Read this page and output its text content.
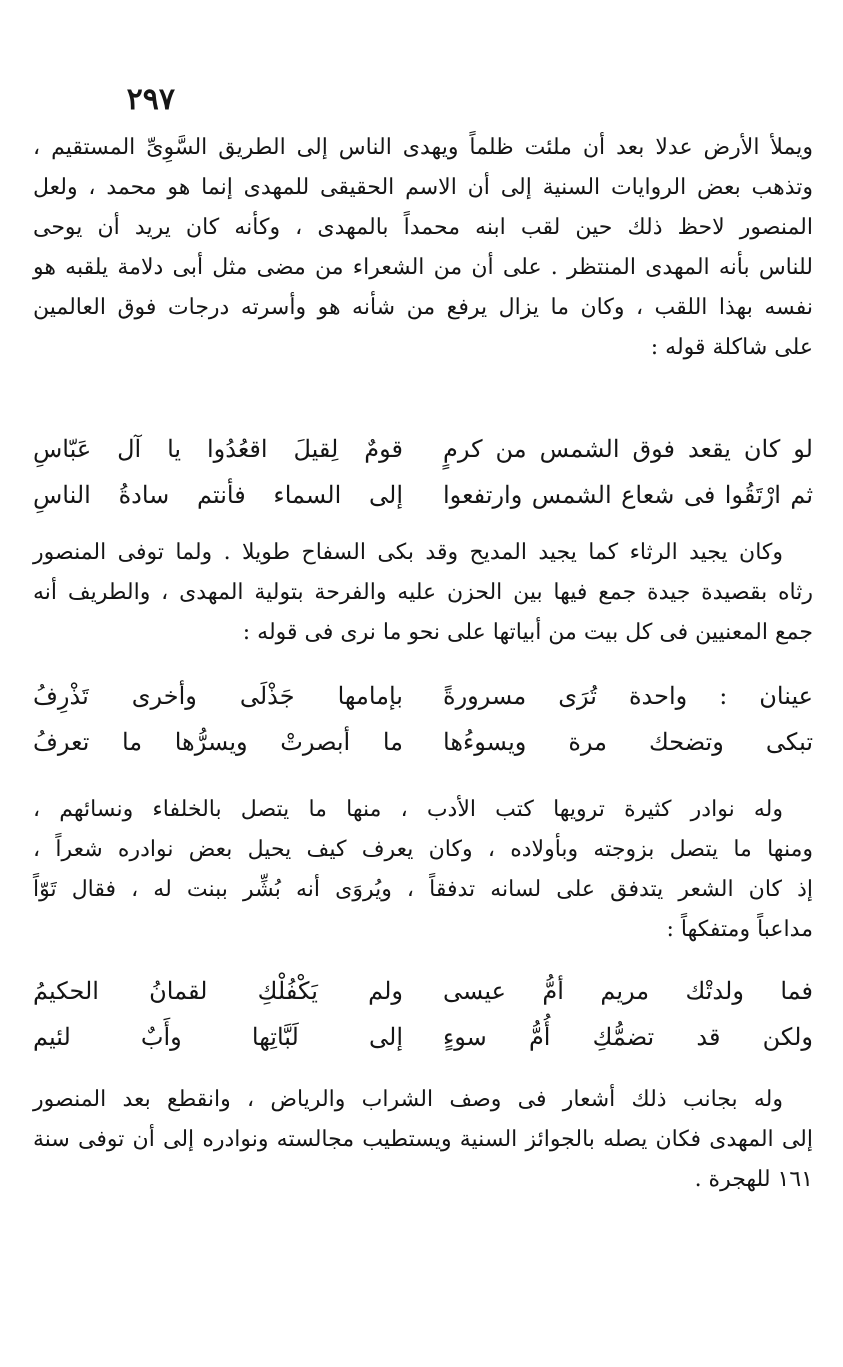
٢٩٧
ويملأ الأرض عدلا بعد أن ملئت ظلماً ويهدى الناس إلى الطريق السَّوِىِّ المستقيم ،
وتذهب بعض الروايات السنية إلى أن الاسم الحقيقى للمهدى إنما هو محمد ، ولعل
المنصور لاحظ ذلك حين لقب ابنه محمداً بالمهدى ، وكأنه كان يريد أن يوحى
للناس بأنه المهدى المنتظر . على أن من الشعراء من مضى مثل أبى دلامة يلقبه هو
نفسه بهذا اللقب ، وكان ما يزال يرفع من شأنه هو وأسرته درجات فوق العالمين
على شاكلة قوله :
لو كان يقعد فوق الشمس من كرمٍ
قومٌ لِقيلَ اقعُدُوا يا آل عَبّاسِ
ثم ارْتَقُوا فى شعاع الشمس وارتفعوا
إلى السماء فأنتم سادةُ الناسِ
وكان يجيد الرثاء كما يجيد المديح وقد بكى السفاح طويلا . ولما توفى المنصور
رثاه بقصيدة جيدة جمع فيها بين الحزن عليه والفرحة بتولية المهدى ، والطريف أنه
جمع المعنيين فى كل بيت من أبياتها على نحو ما نرى فى قوله :
عينان : واحدة تُرَى مسرورةً
بإمامها جَذْلَى وأخرى تَذْرِفُ
تبكى وتضحك مرة ويسوءُها
ما أبصرتْ ويسرُّها ما تعرفُ
وله نوادر كثيرة ترويها كتب الأدب ، منها ما يتصل بالخلفاء ونسائهم ،
ومنها ما يتصل بزوجته وبأولاده ، وكان يعرف كيف يحيل بعض نوادره شعراً ،
إذ كان الشعر يتدفق على لسانه تدفقاً ، ويُروَى أنه بُشِّر ببنت له ، فقال تَوّاً
مداعباً ومتفكهاً :
فما ولدتْك مريم أمُّ عيسى
ولم يَكْفُلْكِ لقمانُ الحكيمُ
ولكن قد تضمُّكِ أُمُّ سوءٍ
إلى لَبَّاتِها وأَبٌ لئيم
وله بجانب ذلك أشعار فى وصف الشراب والرياض ، وانقطع بعد المنصور
إلى المهدى فكان يصله بالجوائز السنية ويستطيب مجالسته ونوادره إلى أن توفى سنة
١٦١ للهجرة .
